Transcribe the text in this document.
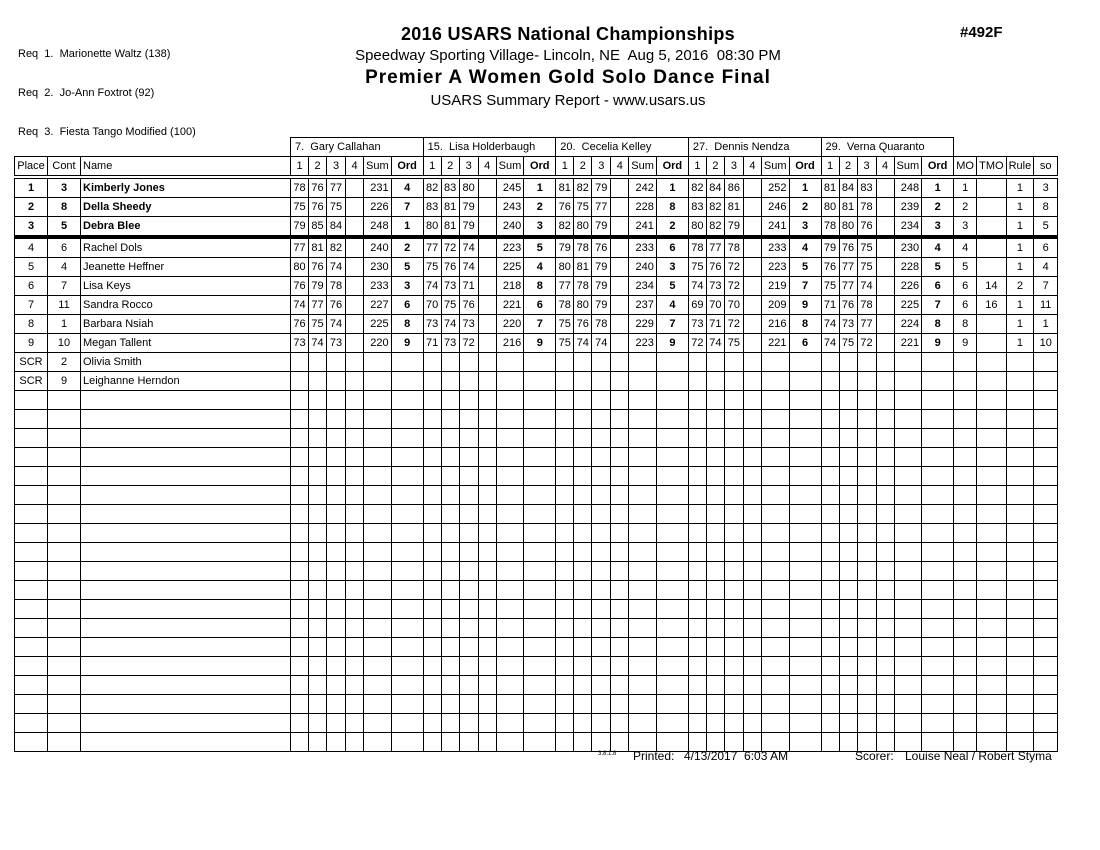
Req  1.  Marionette Waltz (138)

Req  2.  Jo-Ann Foxtrot (92)

Req  3.  Fiesta Tango Modified (100)

2016 USARS National Championships
Speedway Sporting Village- Lincoln, NE  Aug 5, 2016  08:30 PM
Premier A Women Gold Solo Dance Final
USARS Summary Report - www.usars.us
#492F
			7.  Gary Callahan						15.  Lisa Holderbaugh						20.  Cecelia Kelley						27.  Dennis Nendza						29.  Verna Quaranto									
Place	Cont	Name	1	2	3	4	Sum	Ord	1	2	3	4	Sum	Ord	1	2	3	4	Sum	Ord	1	2	3	4	Sum	Ord	1	2	3	4	Sum	Ord	MO	TMO	Rule	so
1	3	Kimberly Jones	78	76	77		231	4	82	83	80		245	1	81	82	79		242	1	82	84	86		252	1	81	84	83		248	1	1		1	3
2	8	Della Sheedy	75	76	75		226	7	83	81	79		243	2	76	75	77		228	8	83	82	81		246	2	80	81	78		239	2	2		1	8
3	5	Debra Blee	79	85	84		248	1	80	81	79		240	3	82	80	79		241	2	80	82	79		241	3	78	80	76		234	3	3		1	5
4	6	Rachel Dols	77	81	82		240	2	77	72	74		223	5	79	78	76		233	6	78	77	78		233	4	79	76	75		230	4	4		1	6
5	4	Jeanette Heffner	80	76	74		230	5	75	76	74		225	4	80	81	79		240	3	75	76	72		223	5	76	77	75		228	5	5		1	4
6	7	Lisa Keys	76	79	78		233	3	74	73	71		218	8	77	78	79		234	5	74	73	72		219	7	75	77	74		226	6	6	14	2	7
7	11	Sandra Rocco	74	77	76		227	6	70	75	76		221	6	78	80	79		237	4	69	70	70		209	9	71	76	78		225	7	6	16	1	11
8	1	Barbara Nsiah	76	75	74		225	8	73	74	73		220	7	75	76	78		229	7	73	71	72		216	8	74	73	77		224	8	8		1	1
9	10	Megan Tallent	73	74	73		220	9	71	73	72		216	9	75	74	74		223	9	72	74	75		221	6	74	75	72		221	9	9		1	10
SCR	2	Olivia Smith																																		
SCR	9	Leighanne Herndon																																		

3.8.1.8 Printed: 4/13/2017  6:03 AM	Scorer: Louise Neal / Robert Styma
